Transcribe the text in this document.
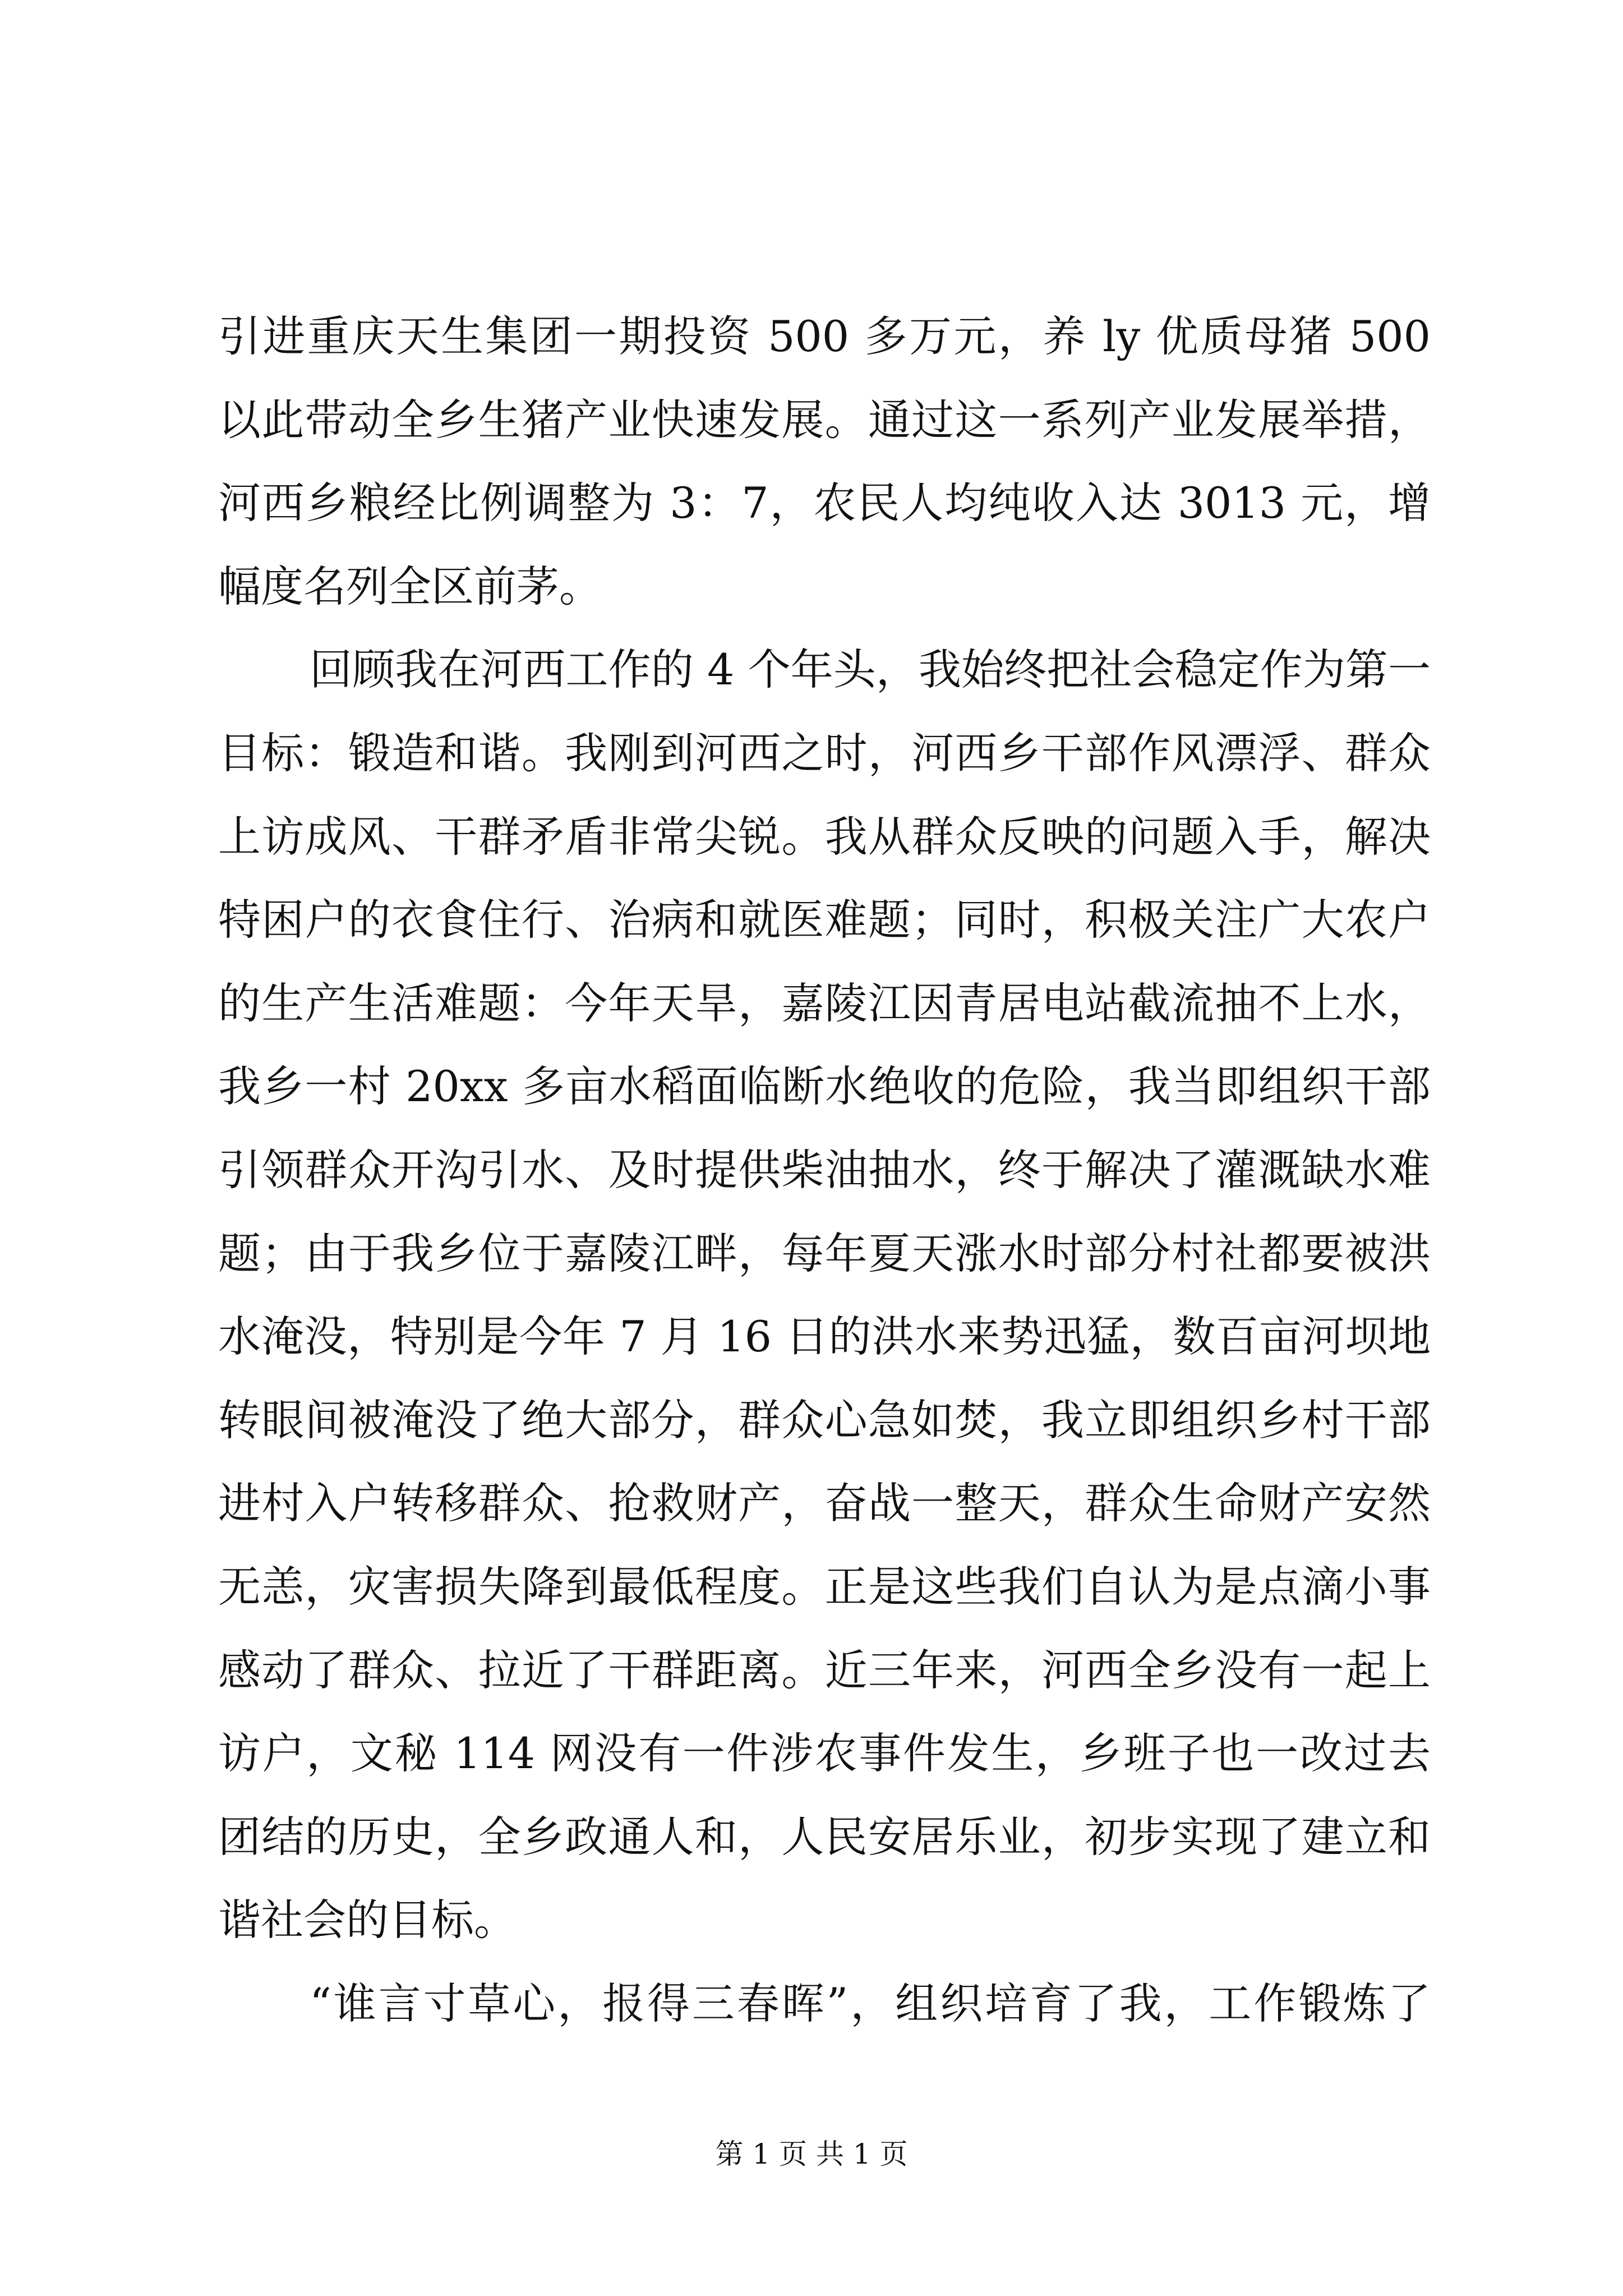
引进重庆天生集团一期投资 500 多万元，养 ly 优质母猪 500
以此带动全乡生猪产业快速发展。通过这一系列产业发展举措，
河西乡粮经比例调整为 3：7，农民人均纯收入达 3013 元，增
幅度名列全区前茅。
回顾我在河西工作的 4 个年头，我始终把社会稳定作为第一
目标：锻造和谐。我刚到河西之时，河西乡干部作风漂浮、群众
上访成风、干群矛盾非常尖锐。我从群众反映的问题入手，解决
特困户的衣食住行、治病和就医难题；同时，积极关注广大农户
的生产生活难题：今年天旱，嘉陵江因青居电站截流抽不上水，
我乡一村 20xx 多亩水稻面临断水绝收的危险，我当即组织干部
引领群众开沟引水、及时提供柴油抽水，终于解决了灌溉缺水难
题；由于我乡位于嘉陵江畔，每年夏天涨水时部分村社都要被洪
水淹没，特别是今年 7 月 16 日的洪水来势迅猛，数百亩河坝地
转眼间被淹没了绝大部分，群众心急如焚，我立即组织乡村干部
进村入户转移群众、抢救财产，奋战一整天，群众生命财产安然
无恙，灾害损失降到最低程度。正是这些我们自认为是点滴小事
感动了群众、拉近了干群距离。近三年来，河西全乡没有一起上
访户，文秘 114 网没有一件涉农事件发生，乡班子也一改过去
团结的历史，全乡政通人和，人民安居乐业，初步实现了建立和
谐社会的目标。
“谁言寸草心，报得三春晖”，组织培育了我，工作锻炼了
第 1 页 共 1 页
